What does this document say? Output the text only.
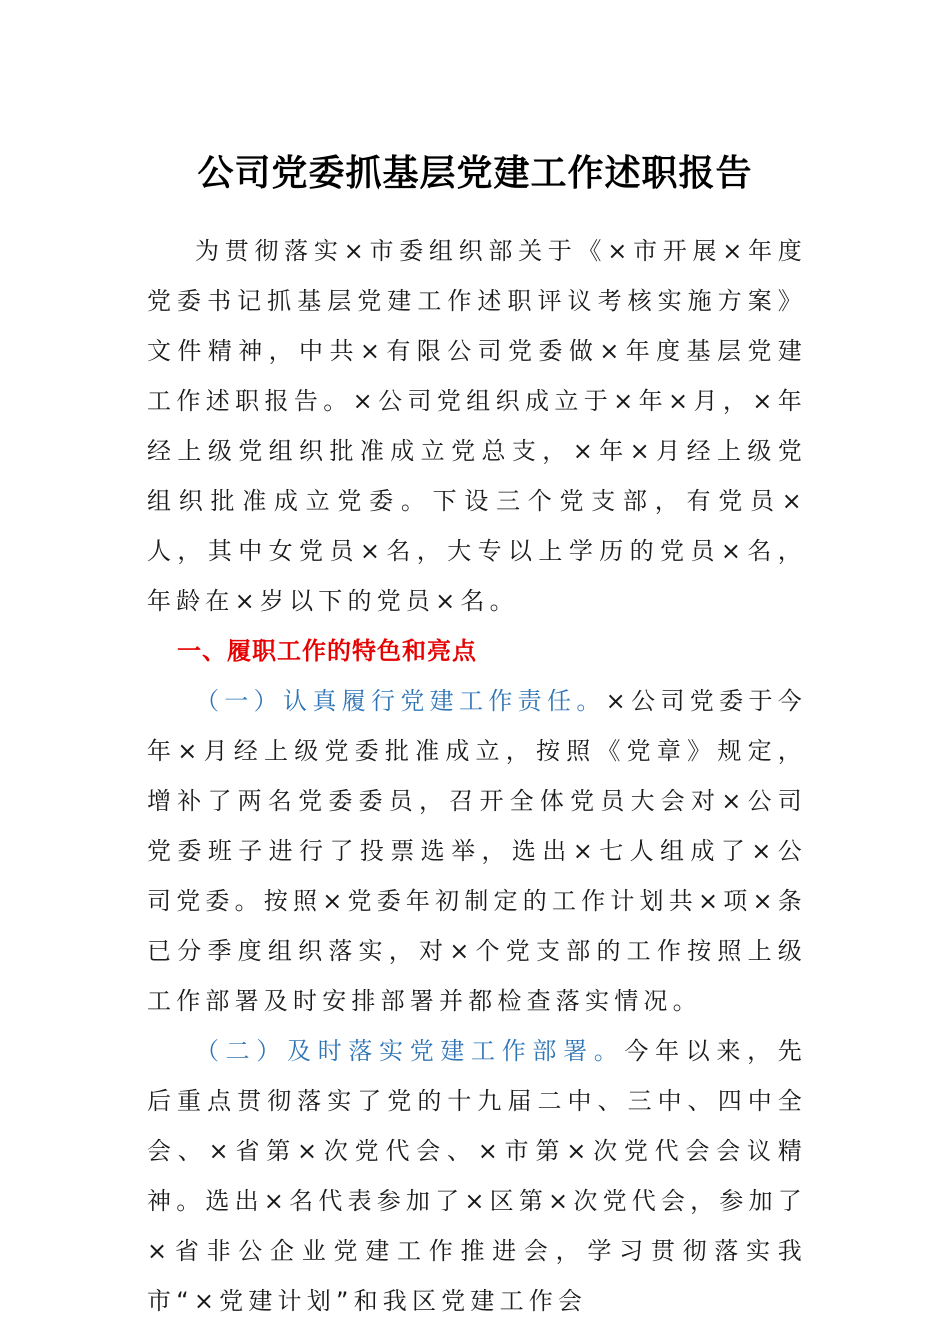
公司党委抓基层党建工作述职报告

为贯彻落实×市委组织部关于《×市开展×年度党委书记抓基层党建工作述职评议考核实施方案》文件精神，中共×有限公司党委做×年度基层党建工作述职报告。×公司党组织成立于×年×月，×年经上级党组织批准成立党总支，×年×月经上级党组织批准成立党委。下设三个党支部，有党员×人，其中女党员×名，大专以上学历的党员×名，年龄在×岁以下的党员×名。

一、履职工作的特色和亮点

（一）认真履行党建工作责任。×公司党委于今年×月经上级党委批准成立，按照《党章》规定，增补了两名党委委员，召开全体党员大会对×公司党委班子进行了投票选举，选出×七人组成了×公司党委。按照×党委年初制定的工作计划共×项×条已分季度组织落实，对×个党支部的工作按照上级工作部署及时安排部署并都检查落实情况。

（二）及时落实党建工作部署。今年以来，先后重点贯彻落实了党的十九届二中、三中、四中全会、×省第×次党代会、×市第×次党代会会议精神。选出×名代表参加了×区第×次党代会，参加了×省非公企业党建工作推进会，学习贯彻落实我市“×党建计划”和我区党建工作会
